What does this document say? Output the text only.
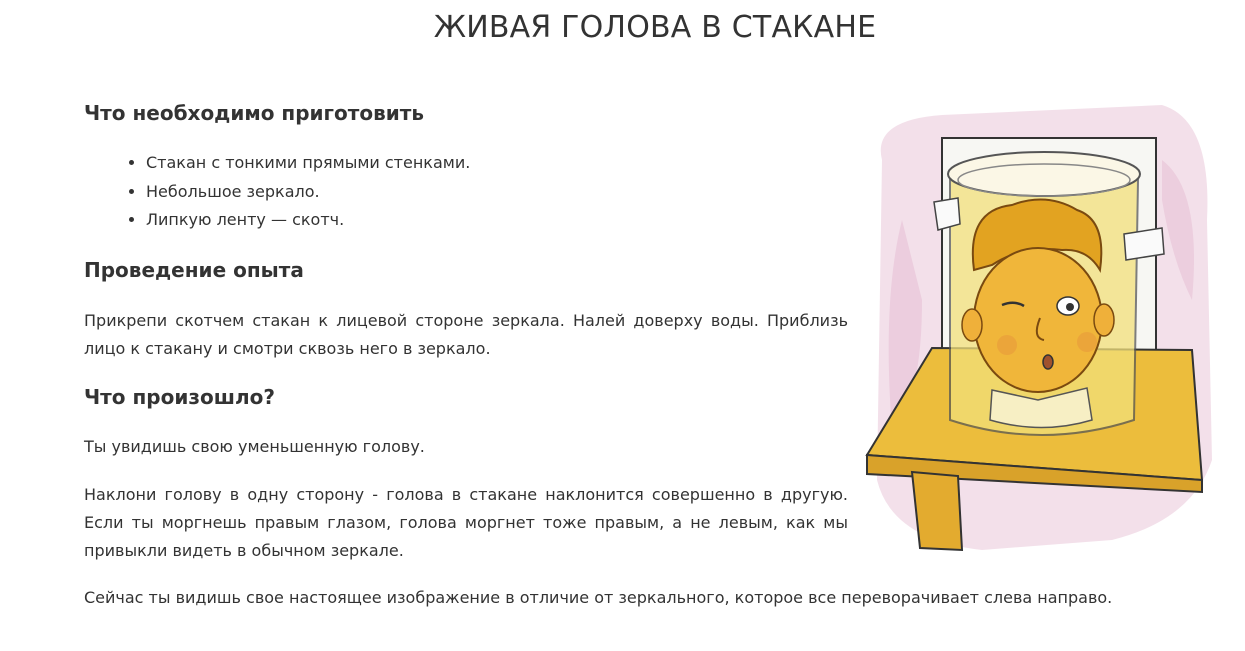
ЖИВАЯ ГОЛОВА В СТАКАНЕ
Что необходимо приготовить
• Стакан с тонкими прямыми стенками.
• Небольшое зеркало.
• Липкую ленту — скотч.
Проведение опыта

Прикрепи скотчем стакан к лицевой стороне зеркала. Налей доверху воды. Приблизь лицо к стакану и смотри сквозь него в зеркало.

Что произошло?

Ты увидишь свою уменьшенную голову.

Наклони голову в одну сторону - голова в стакане наклонится совершенно в другую. Если ты моргнешь правым глазом, голова моргнет тоже правым, а не левым, как мы привыкли видеть в обычном зеркале.

Сейчас ты видишь свое настоящее изображение в отличие от зеркального, которое все переворачивает слева направо.
